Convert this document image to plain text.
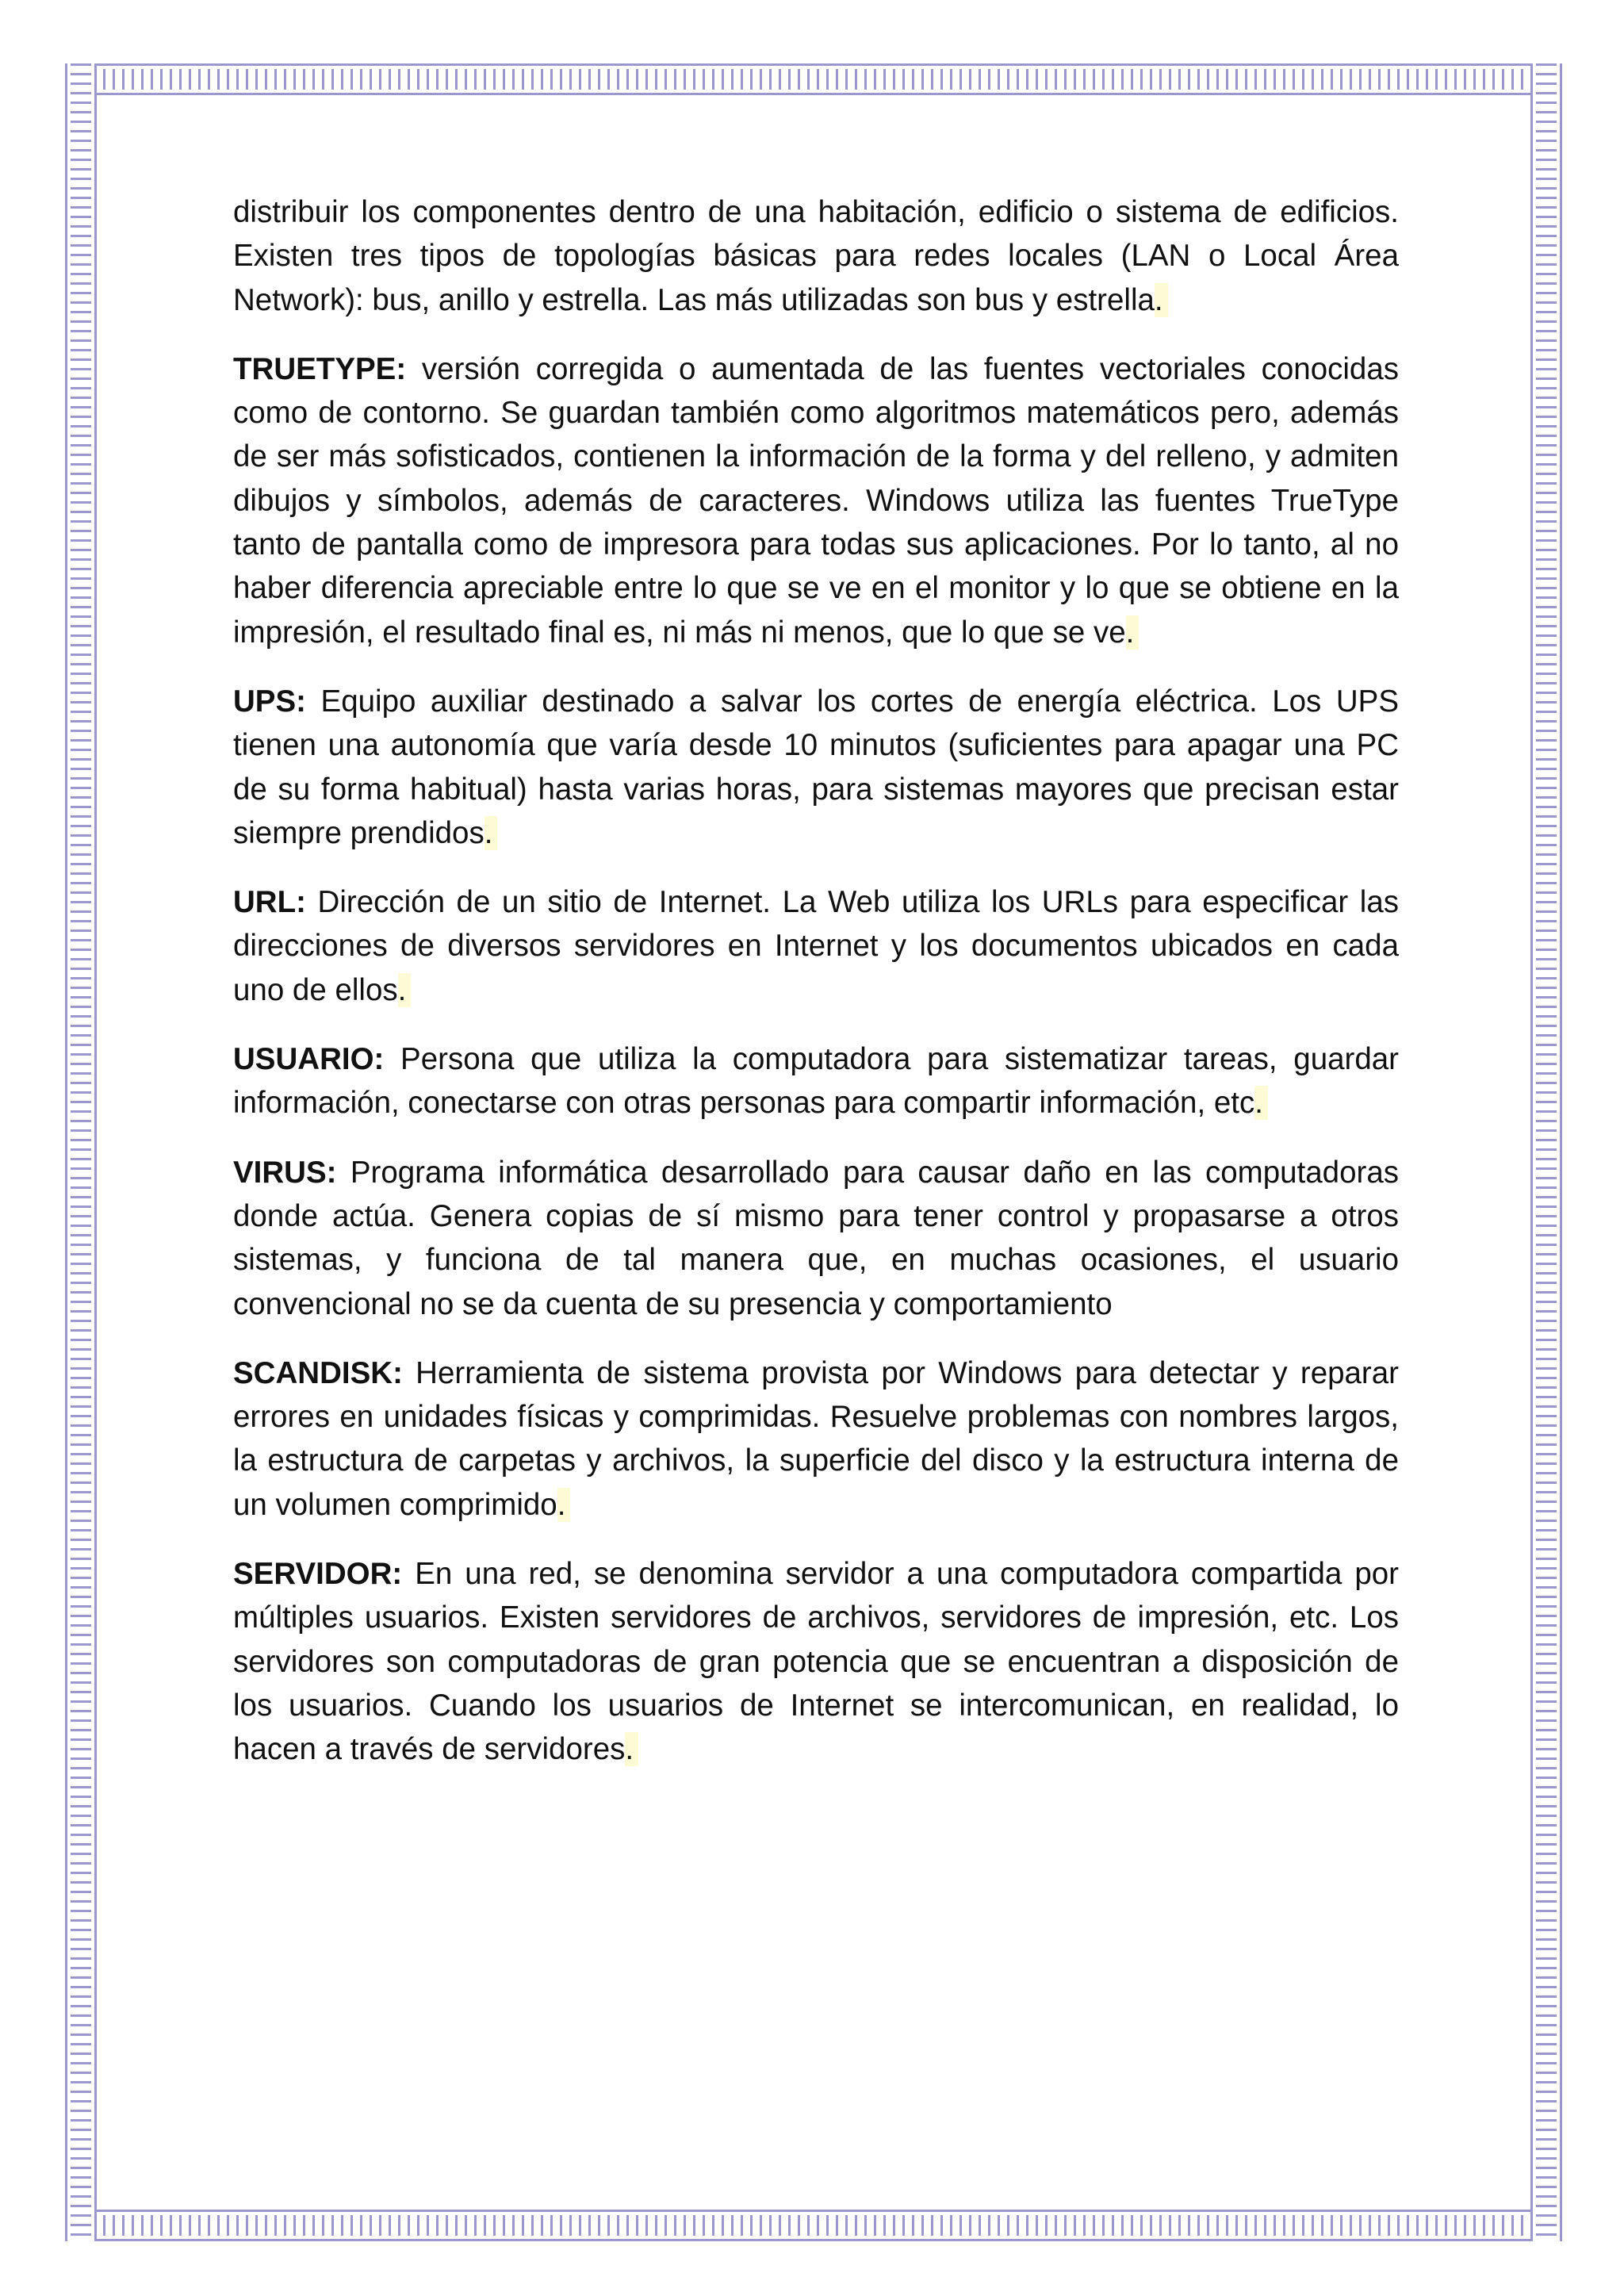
distribuir los componentes dentro de una habitación, edificio o sistema de edificios. Existen tres tipos de topologías básicas para redes locales (LAN o Local Área Network): bus, anillo y estrella. Las más utilizadas son bus y estrella.

TRUETYPE: versión corregida o aumentada de las fuentes vectoriales conocidas como de contorno. Se guardan también como algoritmos matemáticos pero, además de ser más sofisticados, contienen la información de la forma y del relleno, y admiten dibujos y símbolos, además de caracteres. Windows utiliza las fuentes TrueType tanto de pantalla como de impresora para todas sus aplicaciones. Por lo tanto, al no haber diferencia apreciable entre lo que se ve en el monitor y lo que se obtiene en la impresión, el resultado final es, ni más ni menos, que lo que se ve.

UPS: Equipo auxiliar destinado a salvar los cortes de energía eléctrica. Los UPS tienen una autonomía que varía desde 10 minutos (suficientes para apagar una PC de su forma habitual) hasta varias horas, para sistemas mayores que precisan estar siempre prendidos.

URL: Dirección de un sitio de Internet. La Web utiliza los URLs para especificar las direcciones de diversos servidores en Internet y los documentos ubicados en cada uno de ellos.

USUARIO: Persona que utiliza la computadora para sistematizar tareas, guardar información, conectarse con otras personas para compartir información, etc.

VIRUS: Programa informática desarrollado para causar daño en las computadoras donde actúa. Genera copias de sí mismo para tener control y propasarse a otros sistemas, y funciona de tal manera que, en muchas ocasiones, el usuario convencional no se da cuenta de su presencia y comportamiento

SCANDISK: Herramienta de sistema provista por Windows para detectar y reparar errores en unidades físicas y comprimidas. Resuelve problemas con nombres largos, la estructura de carpetas y archivos, la superficie del disco y la estructura interna de un volumen comprimido.

SERVIDOR: En una red, se denomina servidor a una computadora compartida por múltiples usuarios. Existen servidores de archivos, servidores de impresión, etc. Los servidores son computadoras de gran potencia que se encuentran a disposición de los usuarios. Cuando los usuarios de Internet se intercomunican, en realidad, lo hacen a través de servidores.
